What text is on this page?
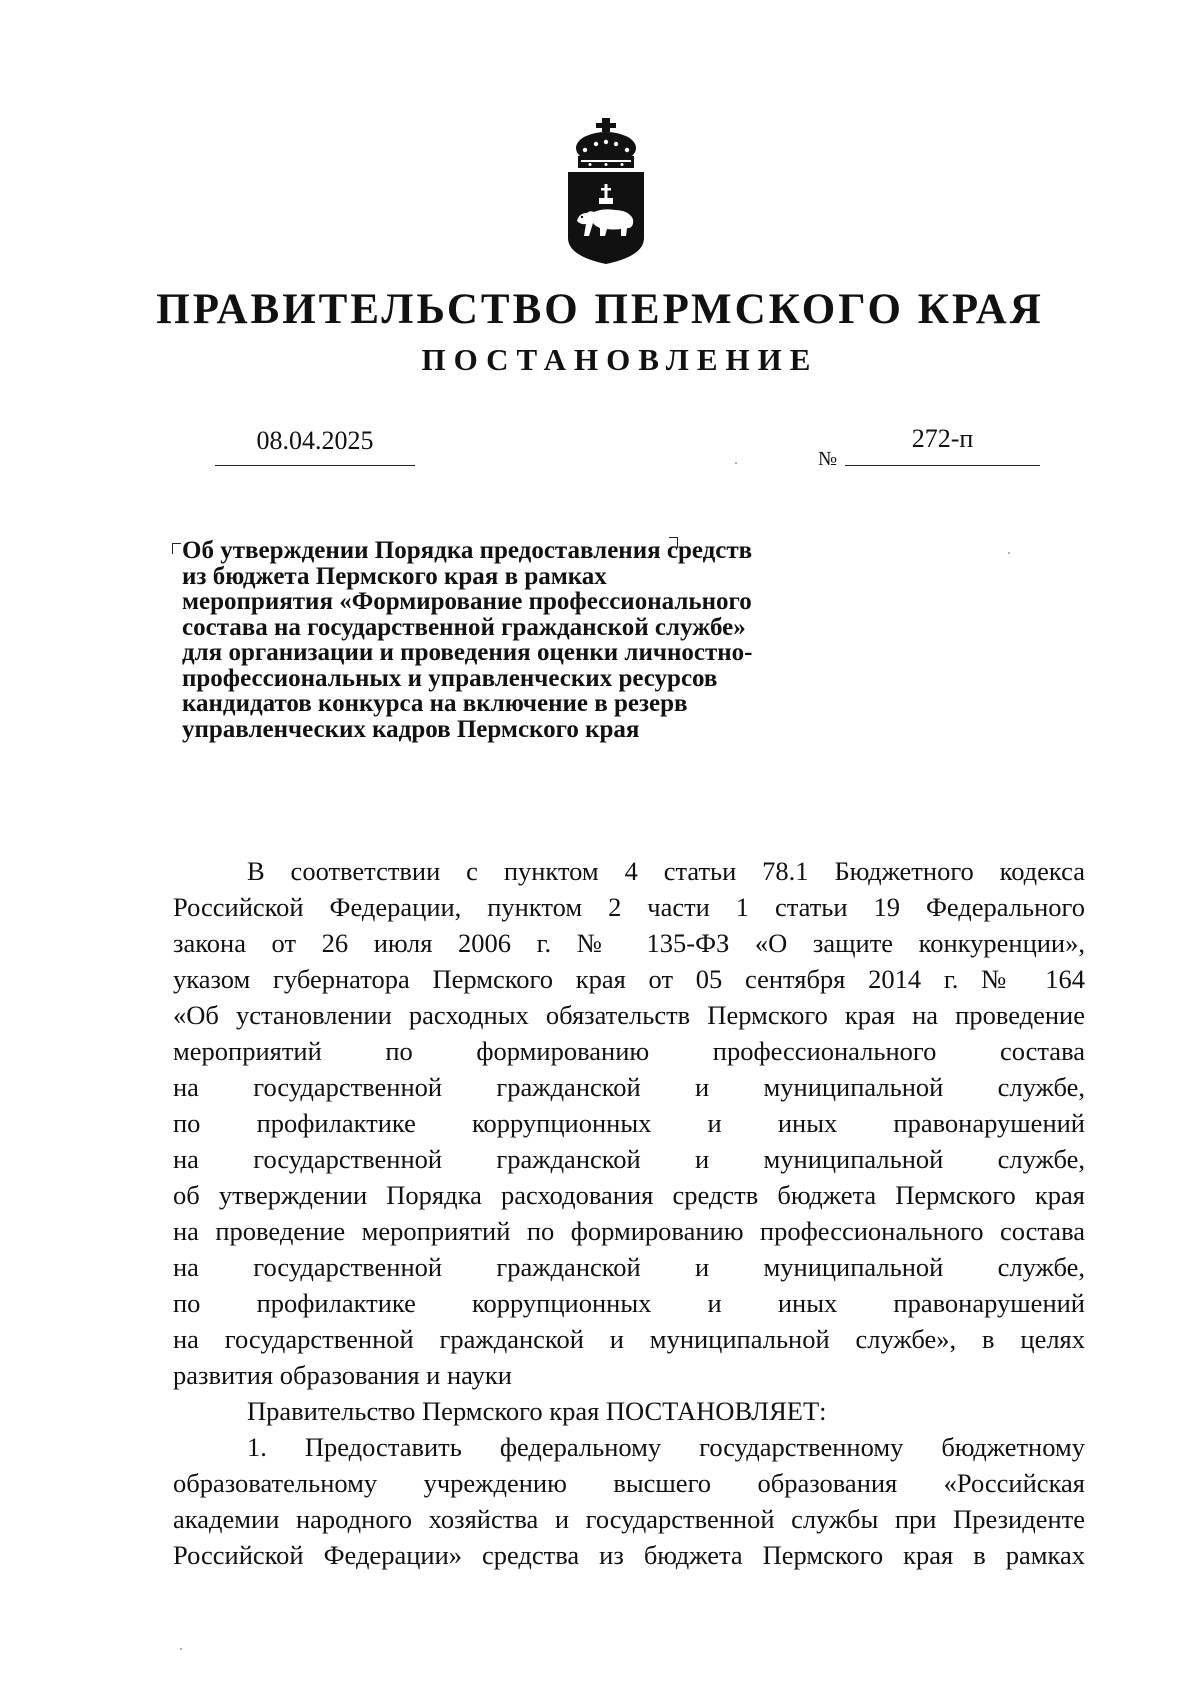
ПРАВИТЕЛЬСТВО ПЕРМСКОГО КРАЯ
ПОСТАНОВЛЕНИЕ
08.04.2025
№
272-п
Об утверждении Порядка предоставления средств
из бюджета Пермского края в рамках
мероприятия «Формирование профессионального
состава на государственной гражданской службе»
для организации и проведения оценки личностно-
профессиональных и управленческих ресурсов
кандидатов конкурса на включение в резерв
управленческих кадров Пермского края
В соответствии с пунктом 4 статьи 78.1 Бюджетного кодекса
Российской Федерации, пунктом 2 части 1 статьи 19 Федерального
закона от 26 июля 2006 г. № 135-ФЗ «О защите конкуренции»,
указом губернатора Пермского края от 05 сентября 2014 г. № 164
«Об установлении расходных обязательств Пермского края на проведение
мероприятий по формированию профессионального состава
на государственной гражданской и муниципальной службе,
по профилактике коррупционных и иных правонарушений
на государственной гражданской и муниципальной службе,
об утверждении Порядка расходования средств бюджета Пермского края
на проведение мероприятий по формированию профессионального состава
на государственной гражданской и муниципальной службе,
по профилактике коррупционных и иных правонарушений
на государственной гражданской и муниципальной службе», в целях
развития образования и науки
Правительство Пермского края ПОСТАНОВЛЯЕТ:
1. Предоставить федеральному государственному бюджетному
образовательному учреждению высшего образования «Российская
академии народного хозяйства и государственной службы при Президенте
Российской Федерации» средства из бюджета Пермского края в рамках
